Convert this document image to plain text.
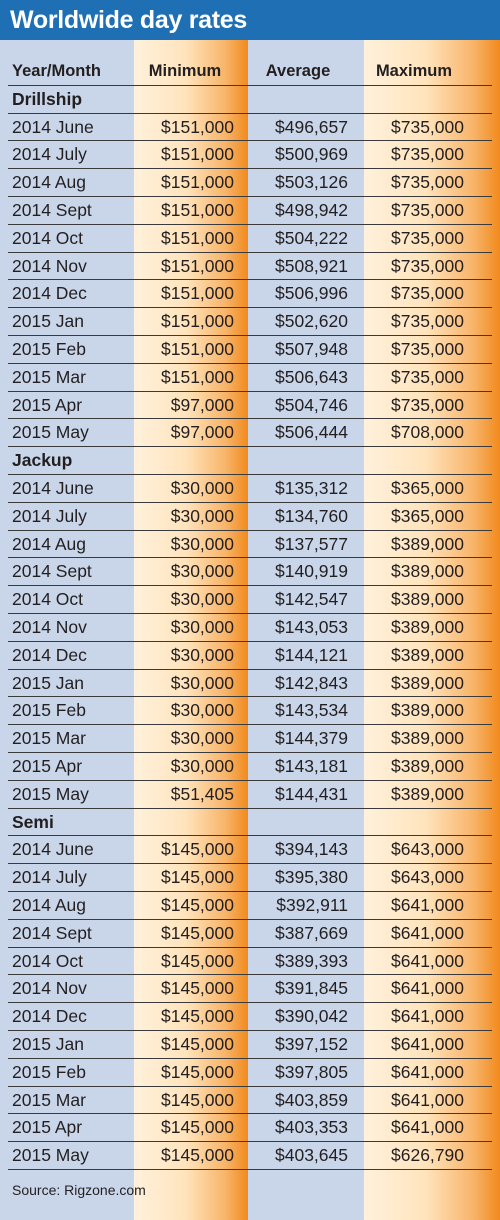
Worldwide day rates
Year/Month	Minimum	Average	Maximum
Drillship
2014 June	$151,000	$496,657	$735,000
2014 July	$151,000	$500,969	$735,000
2014 Aug	$151,000	$503,126	$735,000
2014 Sept	$151,000	$498,942	$735,000
2014 Oct	$151,000	$504,222	$735,000
2014 Nov	$151,000	$508,921	$735,000
2014 Dec	$151,000	$506,996	$735,000
2015 Jan	$151,000	$502,620	$735,000
2015 Feb	$151,000	$507,948	$735,000
2015 Mar	$151,000	$506,643	$735,000
2015 Apr	$97,000	$504,746	$735,000
2015 May	$97,000	$506,444	$708,000
Jackup
2014 June	$30,000	$135,312	$365,000
2014 July	$30,000	$134,760	$365,000
2014 Aug	$30,000	$137,577	$389,000
2014 Sept	$30,000	$140,919	$389,000
2014 Oct	$30,000	$142,547	$389,000
2014 Nov	$30,000	$143,053	$389,000
2014 Dec	$30,000	$144,121	$389,000
2015 Jan	$30,000	$142,843	$389,000
2015 Feb	$30,000	$143,534	$389,000
2015 Mar	$30,000	$144,379	$389,000
2015 Apr	$30,000	$143,181	$389,000
2015 May	$51,405	$144,431	$389,000
Semi
2014 June	$145,000	$394,143	$643,000
2014 July	$145,000	$395,380	$643,000
2014 Aug	$145,000	$392,911	$641,000
2014 Sept	$145,000	$387,669	$641,000
2014 Oct	$145,000	$389,393	$641,000
2014 Nov	$145,000	$391,845	$641,000
2014 Dec	$145,000	$390,042	$641,000
2015 Jan	$145,000	$397,152	$641,000
2015 Feb	$145,000	$397,805	$641,000
2015 Mar	$145,000	$403,859	$641,000
2015 Apr	$145,000	$403,353	$641,000
2015 May	$145,000	$403,645	$626,790
Source: Rigzone.com
